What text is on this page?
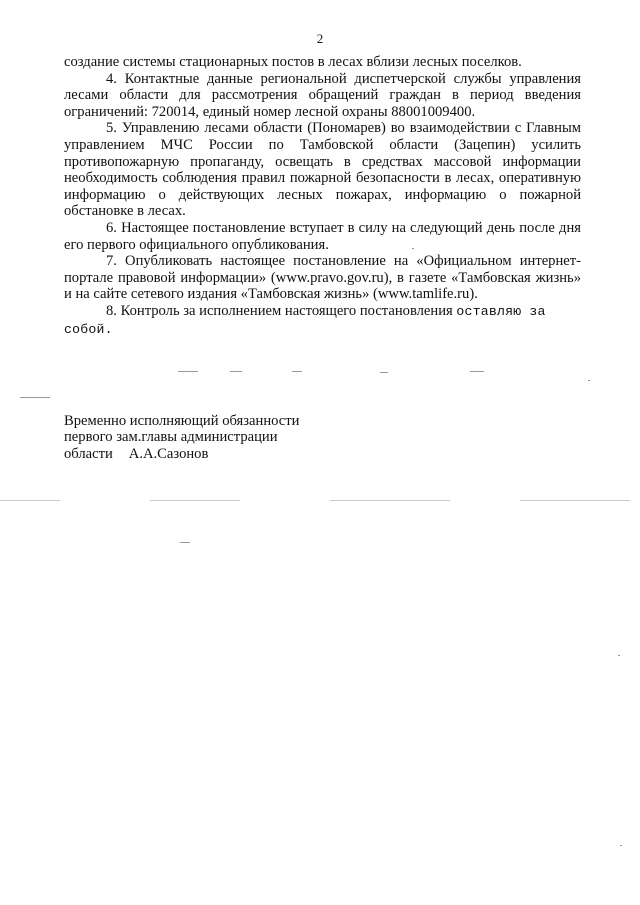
2

создание системы стационарных постов в лесах вблизи лесных поселков.

4. Контактные данные региональной диспетчерской службы управления лесами области для рассмотрения обращений граждан в период введения ограничений: 720014, единый номер лесной охраны 88001009400.

5. Управлению лесами области (Пономарев) во взаимодействии с Главным управлением МЧС России по Тамбовской области (Зацепин) усилить противопожарную пропаганду, освещать в средствах массовой информации необходимость соблюдения правил пожарной безопасности в лесах, оперативную информацию о действующих лесных пожарах, информацию о пожарной обстановке в лесах.

6. Настоящее постановление вступает в силу на следующий день после дня его первого официального опубликования.

7. Опубликовать настоящее постановление на «Официальном интернет-портале правовой информации» (www.pravo.gov.ru), в газете «Тамбовская жизнь» и на сайте сетевого издания «Тамбовская жизнь» (www.tamlife.ru).

8. Контроль за исполнением настоящего постановления оставляю за
собой.

Временно исполняющий обязанности
первого зам.главы администрации
области А.А.Сазонов
